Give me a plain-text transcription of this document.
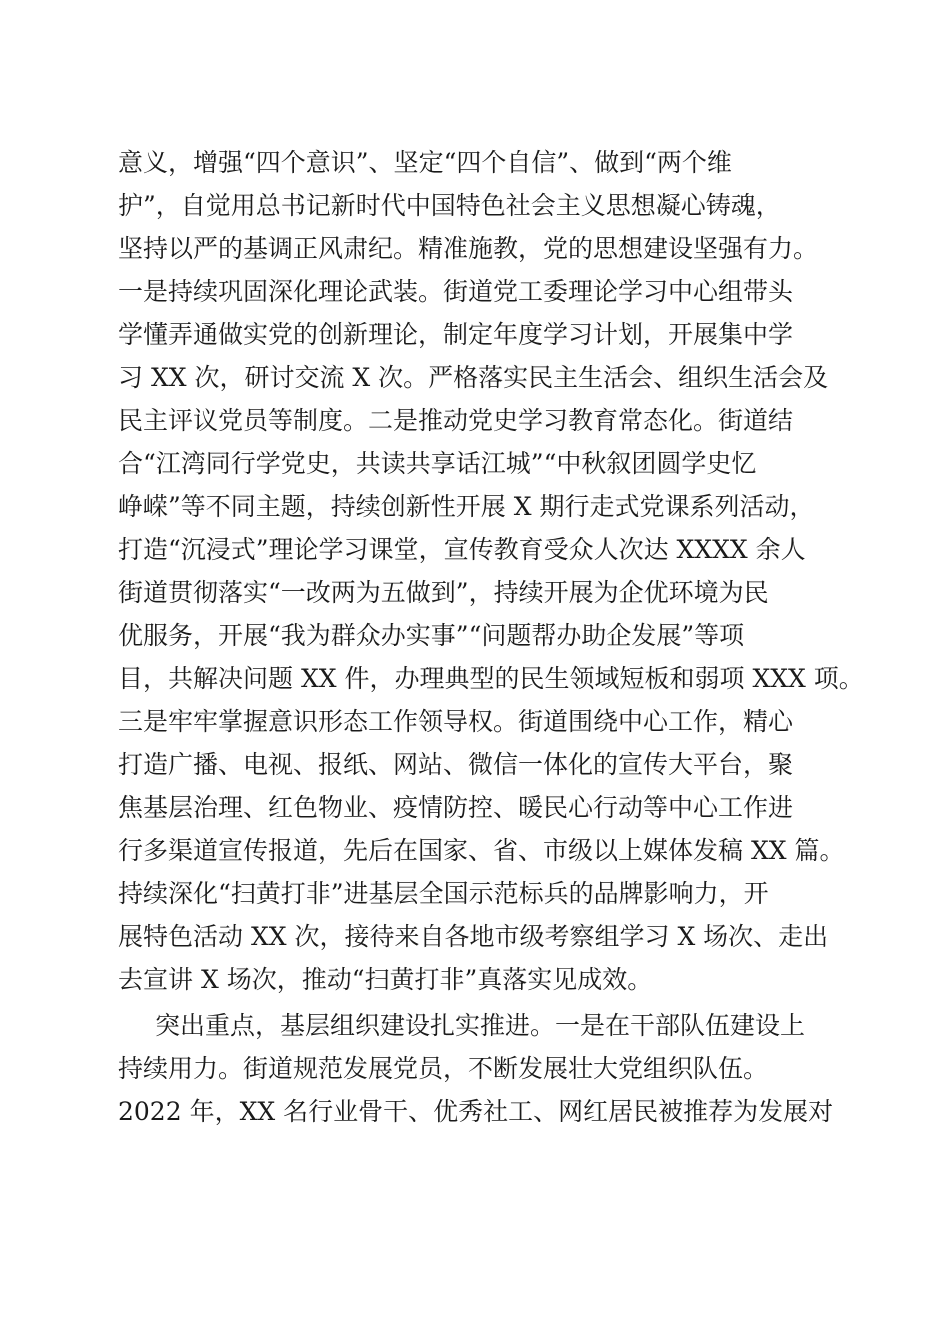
意义，增强“四个意识”、坚定“四个自信”、做到“两个维
护”，自觉用总书记新时代中国特色社会主义思想凝心铸魂，
坚持以严的基调正风肃纪。精准施教，党的思想建设坚强有力。
一是持续巩固深化理论武装。街道党工委理论学习中心组带头
学懂弄通做实党的创新理论，制定年度学习计划，开展集中学
习 XX 次，研讨交流 X 次。严格落实民主生活会、组织生活会及
民主评议党员等制度。二是推动党史学习教育常态化。街道结
合“江湾同行学党史，共读共享话江城”“中秋叙团圆学史忆
峥嵘”等不同主题，持续创新性开展 X 期行走式党课系列活动，
打造“沉浸式”理论学习课堂，宣传教育受众人次达 XXXX 余人
街道贯彻落实“一改两为五做到”，持续开展为企优环境为民
优服务，开展“我为群众办实事”“问题帮办助企发展”等项
目，共解决问题 XX 件，办理典型的民生领域短板和弱项 XXX 项。
三是牢牢掌握意识形态工作领导权。街道围绕中心工作，精心
打造广播、电视、报纸、网站、微信一体化的宣传大平台，聚
焦基层治理、红色物业、疫情防控、暖民心行动等中心工作进
行多渠道宣传报道，先后在国家、省、市级以上媒体发稿 XX 篇。
持续深化“扫黄打非”进基层全国示范标兵的品牌影响力，开
展特色活动 XX 次，接待来自各地市级考察组学习 X 场次、走出
去宣讲 X 场次，推动“扫黄打非”真落实见成效。
突出重点，基层组织建设扎实推进。一是在干部队伍建设上
持续用力。街道规范发展党员，不断发展壮大党组织队伍。
2022 年，XX 名行业骨干、优秀社工、网红居民被推荐为发展对
